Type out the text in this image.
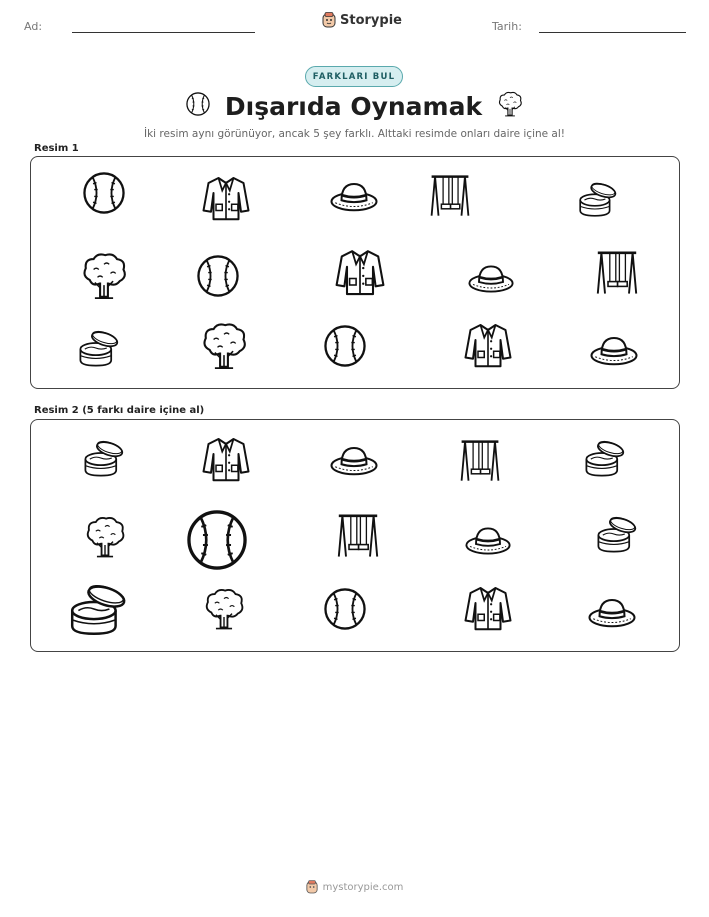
Ad:	Storypie	Tarih:
FARKLARI BUL
Dışarıda Oynamak
İki resim aynı görünüyor, ancak 5 şey farklı. Alttaki resimde onları daire içine al!
Resim 1
Resim 2 (5 farkı daire içine al)
mystorypie.com
